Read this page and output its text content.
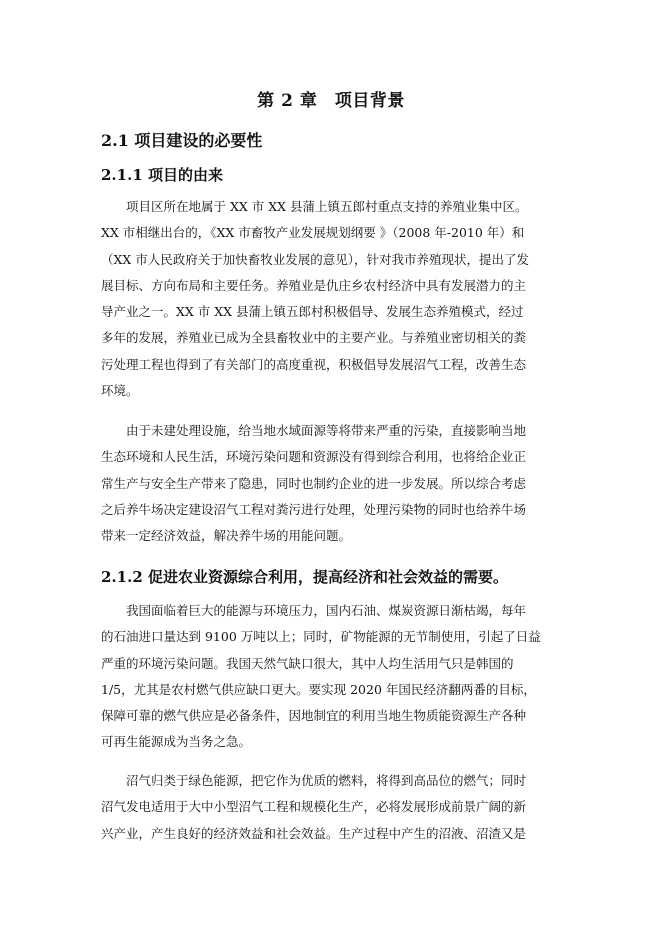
第 2 章　项目背景
2.1 项目建设的必要性
2.1.1 项目的由来
　　项目区所在地属于 XX 市 XX 县蒲上镇五郎村重点支持的养殖业集中区。
XX 市相继出台的，《XX 市畜牧产业发展规划纲要 》（2008 年-2010 年）和
（XX 市人民政府关于加快畜牧业发展的意见），针对我市养殖现状，提出了发
展目标、方向布局和主要任务。养殖业是仇庄乡农村经济中具有发展潜力的主
导产业之一。XX 市 XX 县蒲上镇五郎村积极倡导、发展生态养殖模式，经过
多年的发展，养殖业已成为全县畜牧业中的主要产业。与养殖业密切相关的粪
污处理工程也得到了有关部门的高度重视，积极倡导发展沼气工程，改善生态
环境。
　　由于未建处理设施，给当地水域面源等将带来严重的污染，直接影响当地
生态环境和人民生活，环境污染问题和资源没有得到综合利用，也将给企业正
常生产与安全生产带来了隐患，同时也制约企业的进一步发展。所以综合考虑
之后养牛场决定建设沼气工程对粪污进行处理，处理污染物的同时也给养牛场
带来一定经济效益，解决养牛场的用能问题。
2.1.2 促进农业资源综合利用，提高经济和社会效益的需要。
　　我国面临着巨大的能源与环境压力，国内石油、煤炭资源日渐枯竭，每年
的石油进口量达到 9100 万吨以上；同时，矿物能源的无节制使用，引起了日益
严重的环境污染问题。我国天然气缺口很大，其中人均生活用气只是韩国的
1/5，尤其是农村燃气供应缺口更大。要实现 2020 年国民经济翻两番的目标，
保障可靠的燃气供应是必备条件，因地制宜的利用当地生物质能资源生产各种
可再生能源成为当务之急。
　　沼气归类于绿色能源，把它作为优质的燃料，将得到高品位的燃气；同时
沼气发电适用于大中小型沼气工程和规模化生产，必将发展形成前景广阔的新
兴产业，产生良好的经济效益和社会效益。生产过程中产生的沼液、沼渣又是
